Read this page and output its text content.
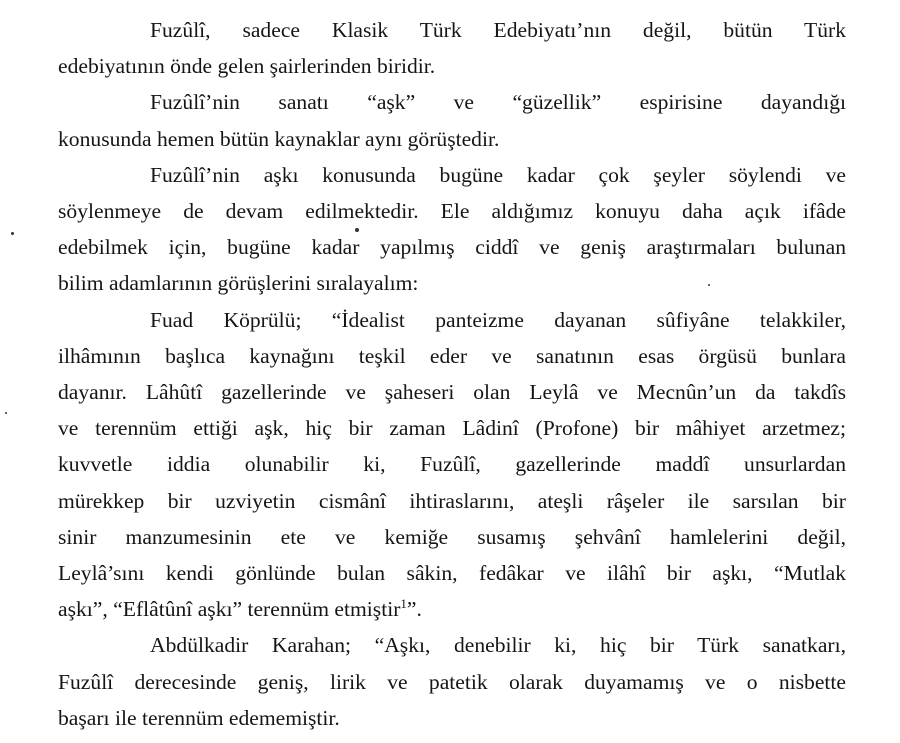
Fuzûlî, sadece Klasik Türk Edebiyatı’nın değil, bütün Türk
edebiyatının önde gelen şairlerinden biridir.
Fuzûlî’nin sanatı “aşk” ve “güzellik” espirisine dayandığı
konusunda hemen bütün kaynaklar aynı görüştedir.
Fuzûlî’nin aşkı konusunda bugüne kadar çok şeyler söylendi ve
söylenmeye de devam edilmektedir. Ele aldığımız konuyu daha açık ifâde
edebilmek için, bugüne kadar yapılmış ciddî ve geniş araştırmaları bulunan
bilim adamlarının görüşlerini sıralayalım:
Fuad Köprülü; “İdealist panteizme dayanan sûfiyâne telakkiler,
ilhâmının başlıca kaynağını teşkil eder ve sanatının esas örgüsü bunlara
dayanır. Lâhûtî gazellerinde ve şaheseri olan Leylâ ve Mecnûn’un da takdîs
ve terennüm ettiği aşk, hiç bir zaman Lâdinî (Profone) bir mâhiyet arzetmez;
kuvvetle iddia olunabilir ki, Fuzûlî, gazellerinde maddî unsurlardan
mürekkep bir uzviyetin cismânî ihtiraslarını, ateşli râşeler ile sarsılan bir
sinir manzumesinin ete ve kemiğe susamış şehvânî hamlelerini değil,
Leylâ’sını kendi gönlünde bulan sâkin, fedâkar ve ilâhî bir aşkı, “Mutlak
aşkı”, “Eflâtûnî aşkı” terennüm etmiştir$^1$”.
Abdülkadir Karahan; “Aşkı, denebilir ki, hiç bir Türk sanatkarı,
Fuzûlî derecesinde geniş, lirik ve patetik olarak duyamamış ve o nisbette
başarı ile terennüm edememiştir.
